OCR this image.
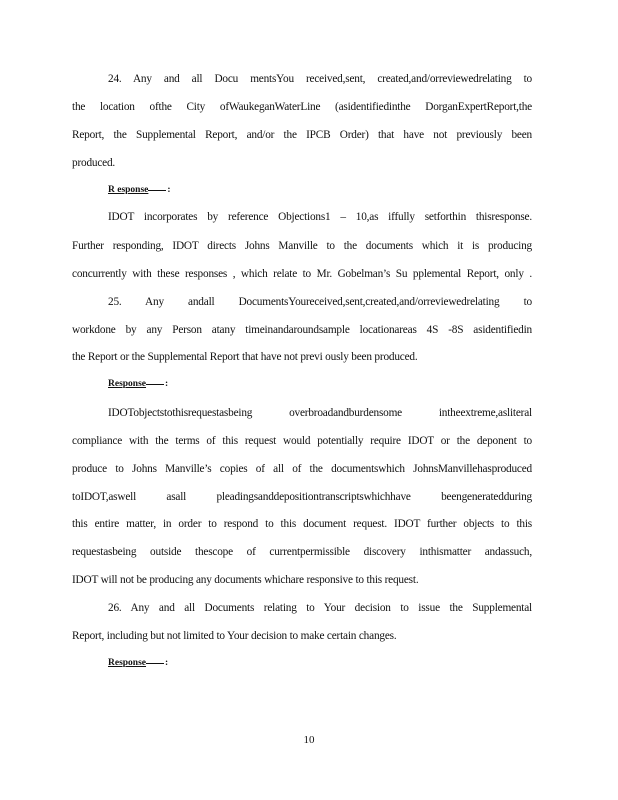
24. Any and all Docu mentsYou received,sent, created,and/orreviewedrelating to
the location ofthe City ofWaukeganWaterLine (asidentifiedinthe DorganExpertReport,the
Report, the Supplemental Report, and/or the IPCB Order) that have not previously been
produced.
R esponse :
IDOT incorporates by reference Objections1 – 10,as iffully setforthin thisresponse.
Further responding, IDOT directs Johns Manville to the documents which it is producing
concurrently with these responses , which relate to Mr. Gobelman’s Su pplemental Report, only .
25. Any andall DocumentsYoureceived,sent,created,and/orreviewedrelating to
workdone by any Person atany timeinandaroundsample locationareas 4S -8S asidentifiedin
the Report or the Supplemental Report that have not previ ously been produced.
Response :
IDOTobjectstothisrequestasbeing overbroadandburdensome intheextreme,asliteral
compliance with the terms of this request would potentially require IDOT or the deponent to
produce to Johns Manville’s copies of all of the documentswhich JohnsManvillehasproduced
toIDOT,aswell asall pleadingsanddepositiontranscriptswhichhave beengeneratedduring
this entire matter, in order to respond to this document request. IDOT further objects to this
requestasbeing outside thescope of currentpermissible discovery inthismatter andassuch,
IDOT will not be producing any documents whichare responsive to this request.
26. Any and all Documents relating to Your decision to issue the Supplemental
Report, including but not limited to Your decision to make certain changes.
Response :
10
